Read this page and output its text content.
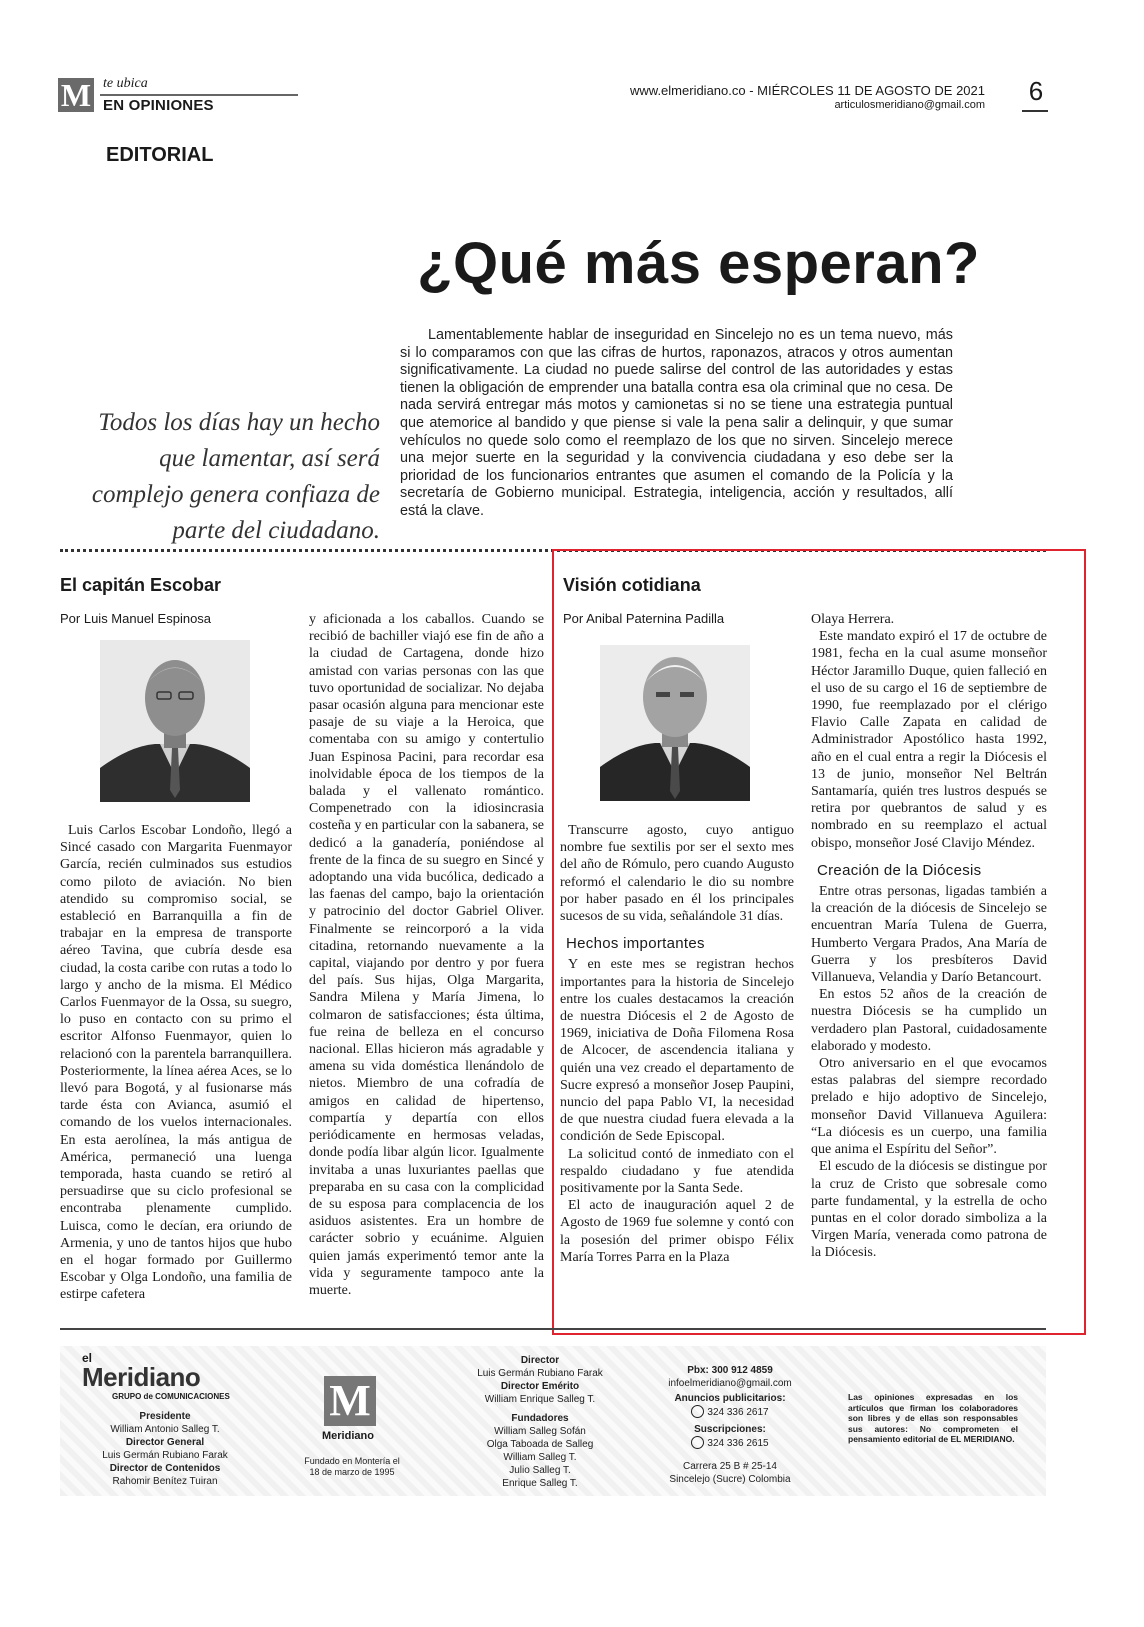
M te ubica
EN OPINIONES
www.elmeridiano.co - MIÉRCOLES 11 DE AGOSTO DE 2021
articulosmeridiano@gmail.com 6
EDITORIAL
¿Qué más esperan?
Todos los días hay un hecho que lamentar, así será complejo genera confiaza de parte del ciudadano.
Lamentablemente hablar de inseguridad en Sincelejo no es un tema nuevo, más si lo comparamos con que las cifras de hurtos, raponazos, atracos y otros aumentan significativamente. La ciudad no puede salirse del control de las autoridades y estas tienen la obligación de emprender una batalla contra esa ola criminal que no cesa. De nada servirá entregar más motos y camionetas si no se tiene una estrategia puntual que atemorice al bandido y que piense si vale la pena salir a delinquir, y que sumar vehículos no quede solo como el reemplazo de los que no sirven. Sincelejo merece una mejor suerte en la seguridad y la convivencia ciudadana y eso debe ser la prioridad de los funcionarios entrantes que asumen el comando de la Policía y la secretaría de Gobierno municipal. Estrategia, inteligencia, acción y resultados, allí está la clave.
El capitán Escobar
Por Luis Manuel Espinosa

Luis Carlos Escobar Londoño, llegó a Sincé casado con Margarita Fuenmayor García, recién culminados sus estudios como piloto de aviación. No bien atendido su compromiso social, se estableció en Barranquilla a fin de trabajar en la empresa de transporte aéreo Tavina, que cubría desde esa ciudad, la costa caribe con rutas a todo lo largo y ancho de la misma. El Médico Carlos Fuenmayor de la Ossa, su suegro, lo puso en contacto con su primo el escritor Alfonso Fuenmayor, quien lo relacionó con la parentela barranquillera. Posteriormente, la línea aérea Aces, se lo llevó para Bogotá, y al fusionarse más tarde ésta con Avianca, asumió el comando de los vuelos internacionales. En esta aerolínea, la más antigua de América, permaneció una luenga temporada, hasta cuando se retiró al persuadirse que su ciclo profesional se encontraba plenamente cumplido. Luisca, como le decían, era oriundo de Armenia, y uno de tantos hijos que hubo en el hogar formado por Guillermo Escobar y Olga Londoño, una familia de estirpe cafetera

y aficionada a los caballos. Cuando se recibió de bachiller viajó ese fin de año a la ciudad de Cartagena, donde hizo amistad con varias personas con las que tuvo oportunidad de socializar. No dejaba pasar ocasión alguna para mencionar este pasaje de su viaje a la Heroica, que comentaba con su amigo y contertulio Juan Espinosa Pacini, para recordar esa inolvidable época de los tiempos de la balada y el vallenato romántico. Compenetrado con la idiosincrasia costeña y en particular con la sabanera, se dedicó a la ganadería, poniéndose al frente de la finca de su suegro en Sincé y adoptando una vida bucólica, dedicado a las faenas del campo, bajo la orientación y patrocinio del doctor Gabriel Oliver. Finalmente se reincorporó a la vida citadina, retornando nuevamente a la capital, viajando por dentro y por fuera del país. Sus hijas, Olga Margarita, Sandra Milena y María Jimena, lo colmaron de satisfacciones; ésta última, fue reina de belleza en el concurso nacional. Ellas hicieron más agradable y amena su vida doméstica llenándolo de nietos. Miembro de una cofradía de amigos en calidad de hipertenso, compartía y departía con ellos periódicamente en hermosas veladas, donde podía libar algún licor. Igualmente invitaba a unas luxuriantes paellas que preparaba en su casa con la complicidad de su esposa para complacencia de los asiduos asistentes. Era un hombre de carácter sobrio y ecuánime. Alguien quien jamás experimentó temor ante la vida y seguramente tampoco ante la muerte.

Visión cotidiana
Por Anibal Paternina Padilla

Transcurre agosto, cuyo antiguo nombre fue sextilis por ser el sexto mes del año de Rómulo, pero cuando Augusto reformó el calendario le dio su nombre por haber pasado en él los principales sucesos de su vida, señalándole 31 días.

Hechos importantes

Y en este mes se registran hechos importantes para la historia de Sincelejo entre los cuales destacamos la creación de nuestra Diócesis el 2 de Agosto de 1969, iniciativa de Doña Filomena Rosa de Alcocer, de ascendencia italiana y quién una vez creado el departamento de Sucre expresó a monseñor Josep Paupini, nuncio del papa Pablo VI, la necesidad de que nuestra ciudad fuera elevada a la condición de Sede Episcopal.

La solicitud contó de inmediato con el respaldo ciudadano y fue atendida positivamente por la Santa Sede.

El acto de inauguración aquel 2 de Agosto de 1969 fue solemne y contó con la posesión del primer obispo Félix María Torres Parra en la Plaza

Olaya Herrera.

Este mandato expiró el 17 de octubre de 1981, fecha en la cual asume monseñor Héctor Jaramillo Duque, quien falleció en el uso de su cargo el 16 de septiembre de 1990, fue reemplazado por el clérigo Flavio Calle Zapata en calidad de Administrador Apostólico hasta 1992, año en el cual entra a regir la Diócesis el 13 de junio, monseñor Nel Beltrán Santamaría, quién tres lustros después se retira por quebrantos de salud y es nombrado en su reemplazo el actual obispo, monseñor José Clavijo Méndez.

Creación de la Diócesis

Entre otras personas, ligadas también a la creación de la diócesis de Sincelejo se encuentran María Tulena de Guerra, Humberto Vergara Prados, Ana María de Guerra y los presbíteros David Villanueva, Velandia y Darío Betancourt.

En estos 52 años de la creación de nuestra Diócesis se ha cumplido un verdadero plan Pastoral, cuidadosamente elaborado y modesto.

Otro aniversario en el que evocamos estas palabras del siempre recordado prelado e hijo adoptivo de Sincelejo, monseñor David Villanueva Aguilera: “La diócesis es un cuerpo, una familia que anima el Espíritu del Señor”.

El escudo de la diócesis se distingue por la cruz de Cristo que sobresale como parte fundamental, y la estrella de ocho puntas en el color dorado simboliza a la Virgen María, venerada como patrona de la Diócesis.

el
Meridiano
GRUPO de COMUNICACIONES
Presidente
William Antonio Salleg T.
Director General
Luis Germán Rubiano Farak
Director de Contenidos
Rahomir Benítez Tuiran
M
Meridiano
Fundado en Montería el 18 de marzo de 1995
Director
Luis Germán Rubiano Farak
Director Emérito
William Enrique Salleg T.
Fundadores
William Salleg Sofán
Olga Taboada de Salleg
William Salleg T.
Julio Salleg T.
Enrique Salleg T.
Pbx: 300 912 4859
infoelmeridiano@gmail.com
Anuncios publicitarios:
324 336 2617
Suscripciones:
324 336 2615
Carrera 25 B # 25-14
Sincelejo (Sucre) Colombia
Las opiniones expresadas en los artículos que firman los colaboradores son libres y de ellas son responsables sus autores: No comprometen el pensamiento editorial de EL MERIDIANO.
